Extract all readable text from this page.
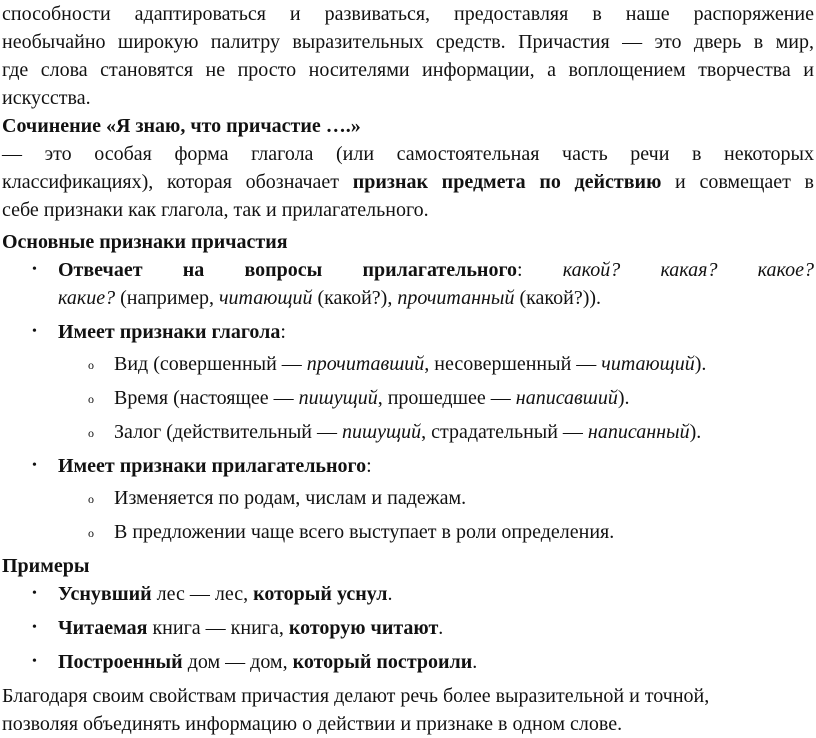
способности адаптироваться и развиваться, предоставляя в наше распоряжение
необычайно широкую палитру выразительных средств. Причастия — это дверь в мир,
где слова становятся не просто носителями информации, а воплощением творчества и
искусства.
Сочинение «Я знаю, что причастие ….»
— это особая форма глагола (или самостоятельная часть речи в некоторых
классификациях), которая обозначает признак предмета по действию и совмещает в
себе признаки как глагола, так и прилагательного.
Основные признаки причастия
• Отвечает на вопросы прилагательного: какой? какая? какое?
какие? (например, читающий (какой?), прочитанный (какой?)).
• Имеет признаки глагола:
o Вид (совершенный — прочитавший, несовершенный — читающий).
o Время (настоящее — пишущий, прошедшее — написавший).
o Залог (действительный — пишущий, страдательный — написанный).
• Имеет признаки прилагательного:
o Изменяется по родам, числам и падежам.
o В предложении чаще всего выступает в роли определения.
Примеры
• Уснувший лес — лес, который уснул.
• Читаемая книга — книга, которую читают.
• Построенный дом — дом, который построили.
Благодаря своим свойствам причастия делают речь более выразительной и точной,
позволяя объединять информацию о действии и признаке в одном слове.
